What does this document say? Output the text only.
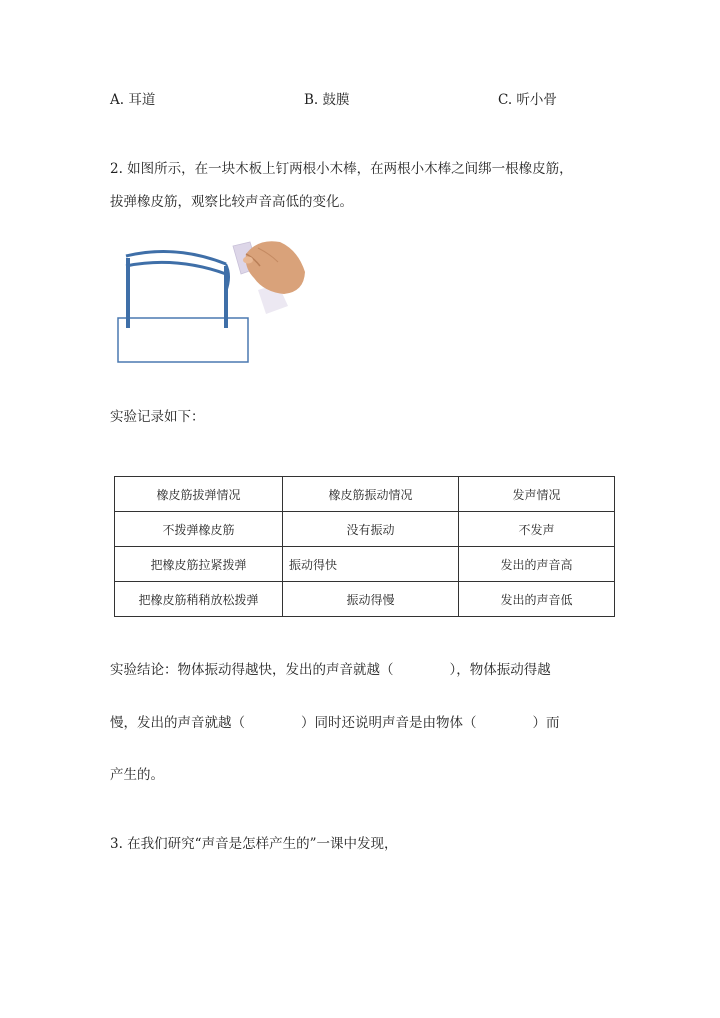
A. 耳道	B. 鼓膜	C. 听小骨
2. 如图所示，在一块木板上钉两根小木棒，在两根小木棒之间绑一根橡皮筋，
拔弹橡皮筋，观察比较声音高低的变化。
实验记录如下：
橡皮筋拔弹情况	橡皮筋振动情况	发声情况
不拨弹橡皮筋	没有振动	不发声
把橡皮筋拉紧拨弹	振动得快	发出的声音高
把橡皮筋稍稍放松拨弹	振动得慢	发出的声音低
实验结论：物体振动得越快，发出的声音就越（	），物体振动得越
慢，发出的声音就越（	）同时还说明声音是由物体（	）而
产生的。
3. 在我们研究“声音是怎样产生的”一课中发现，
